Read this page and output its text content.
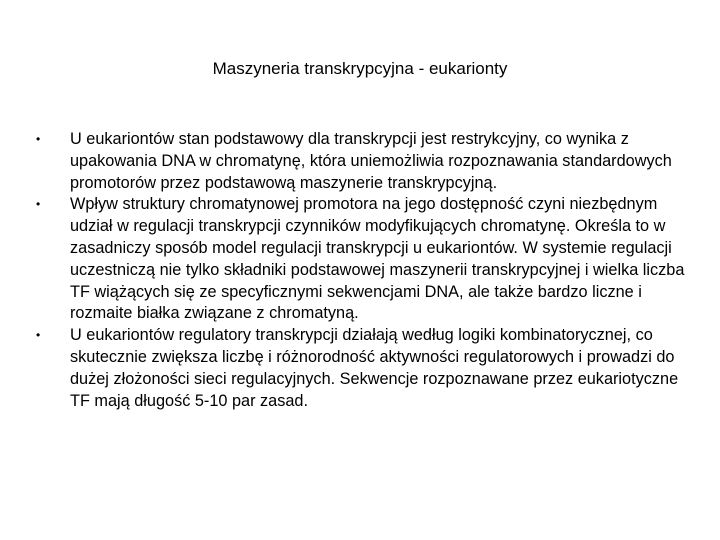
Maszyneria transkrypcyjna - eukarionty
• U eukariontów stan podstawowy dla transkrypcji jest restrykcyjny, co wynika z upakowania DNA w chromatynę, która uniemożliwia rozpoznawania standardowych promotorów przez podstawową maszynerie transkrypcyjną.
• Wpływ struktury chromatynowej promotora na jego dostępność czyni niezbędnym udział w regulacji transkrypcji czynników modyfikujących chromatynę. Określa to w zasadniczy sposób model regulacji transkrypcji u eukariontów. W systemie regulacji uczestniczą nie tylko składniki podstawowej maszynerii transkrypcyjnej i wielka liczba TF wiążących się ze specyficznymi sekwencjami DNA, ale także bardzo liczne i rozmaite białka związane z chromatyną.
• U eukariontów regulatory transkrypcji działają według logiki kombinatorycznej, co skutecznie zwiększa liczbę i różnorodność aktywności regulatorowych i prowadzi do dużej złożoności sieci regulacyjnych. Sekwencje rozpoznawane przez eukariotyczne TF mają długość 5-10 par zasad.
